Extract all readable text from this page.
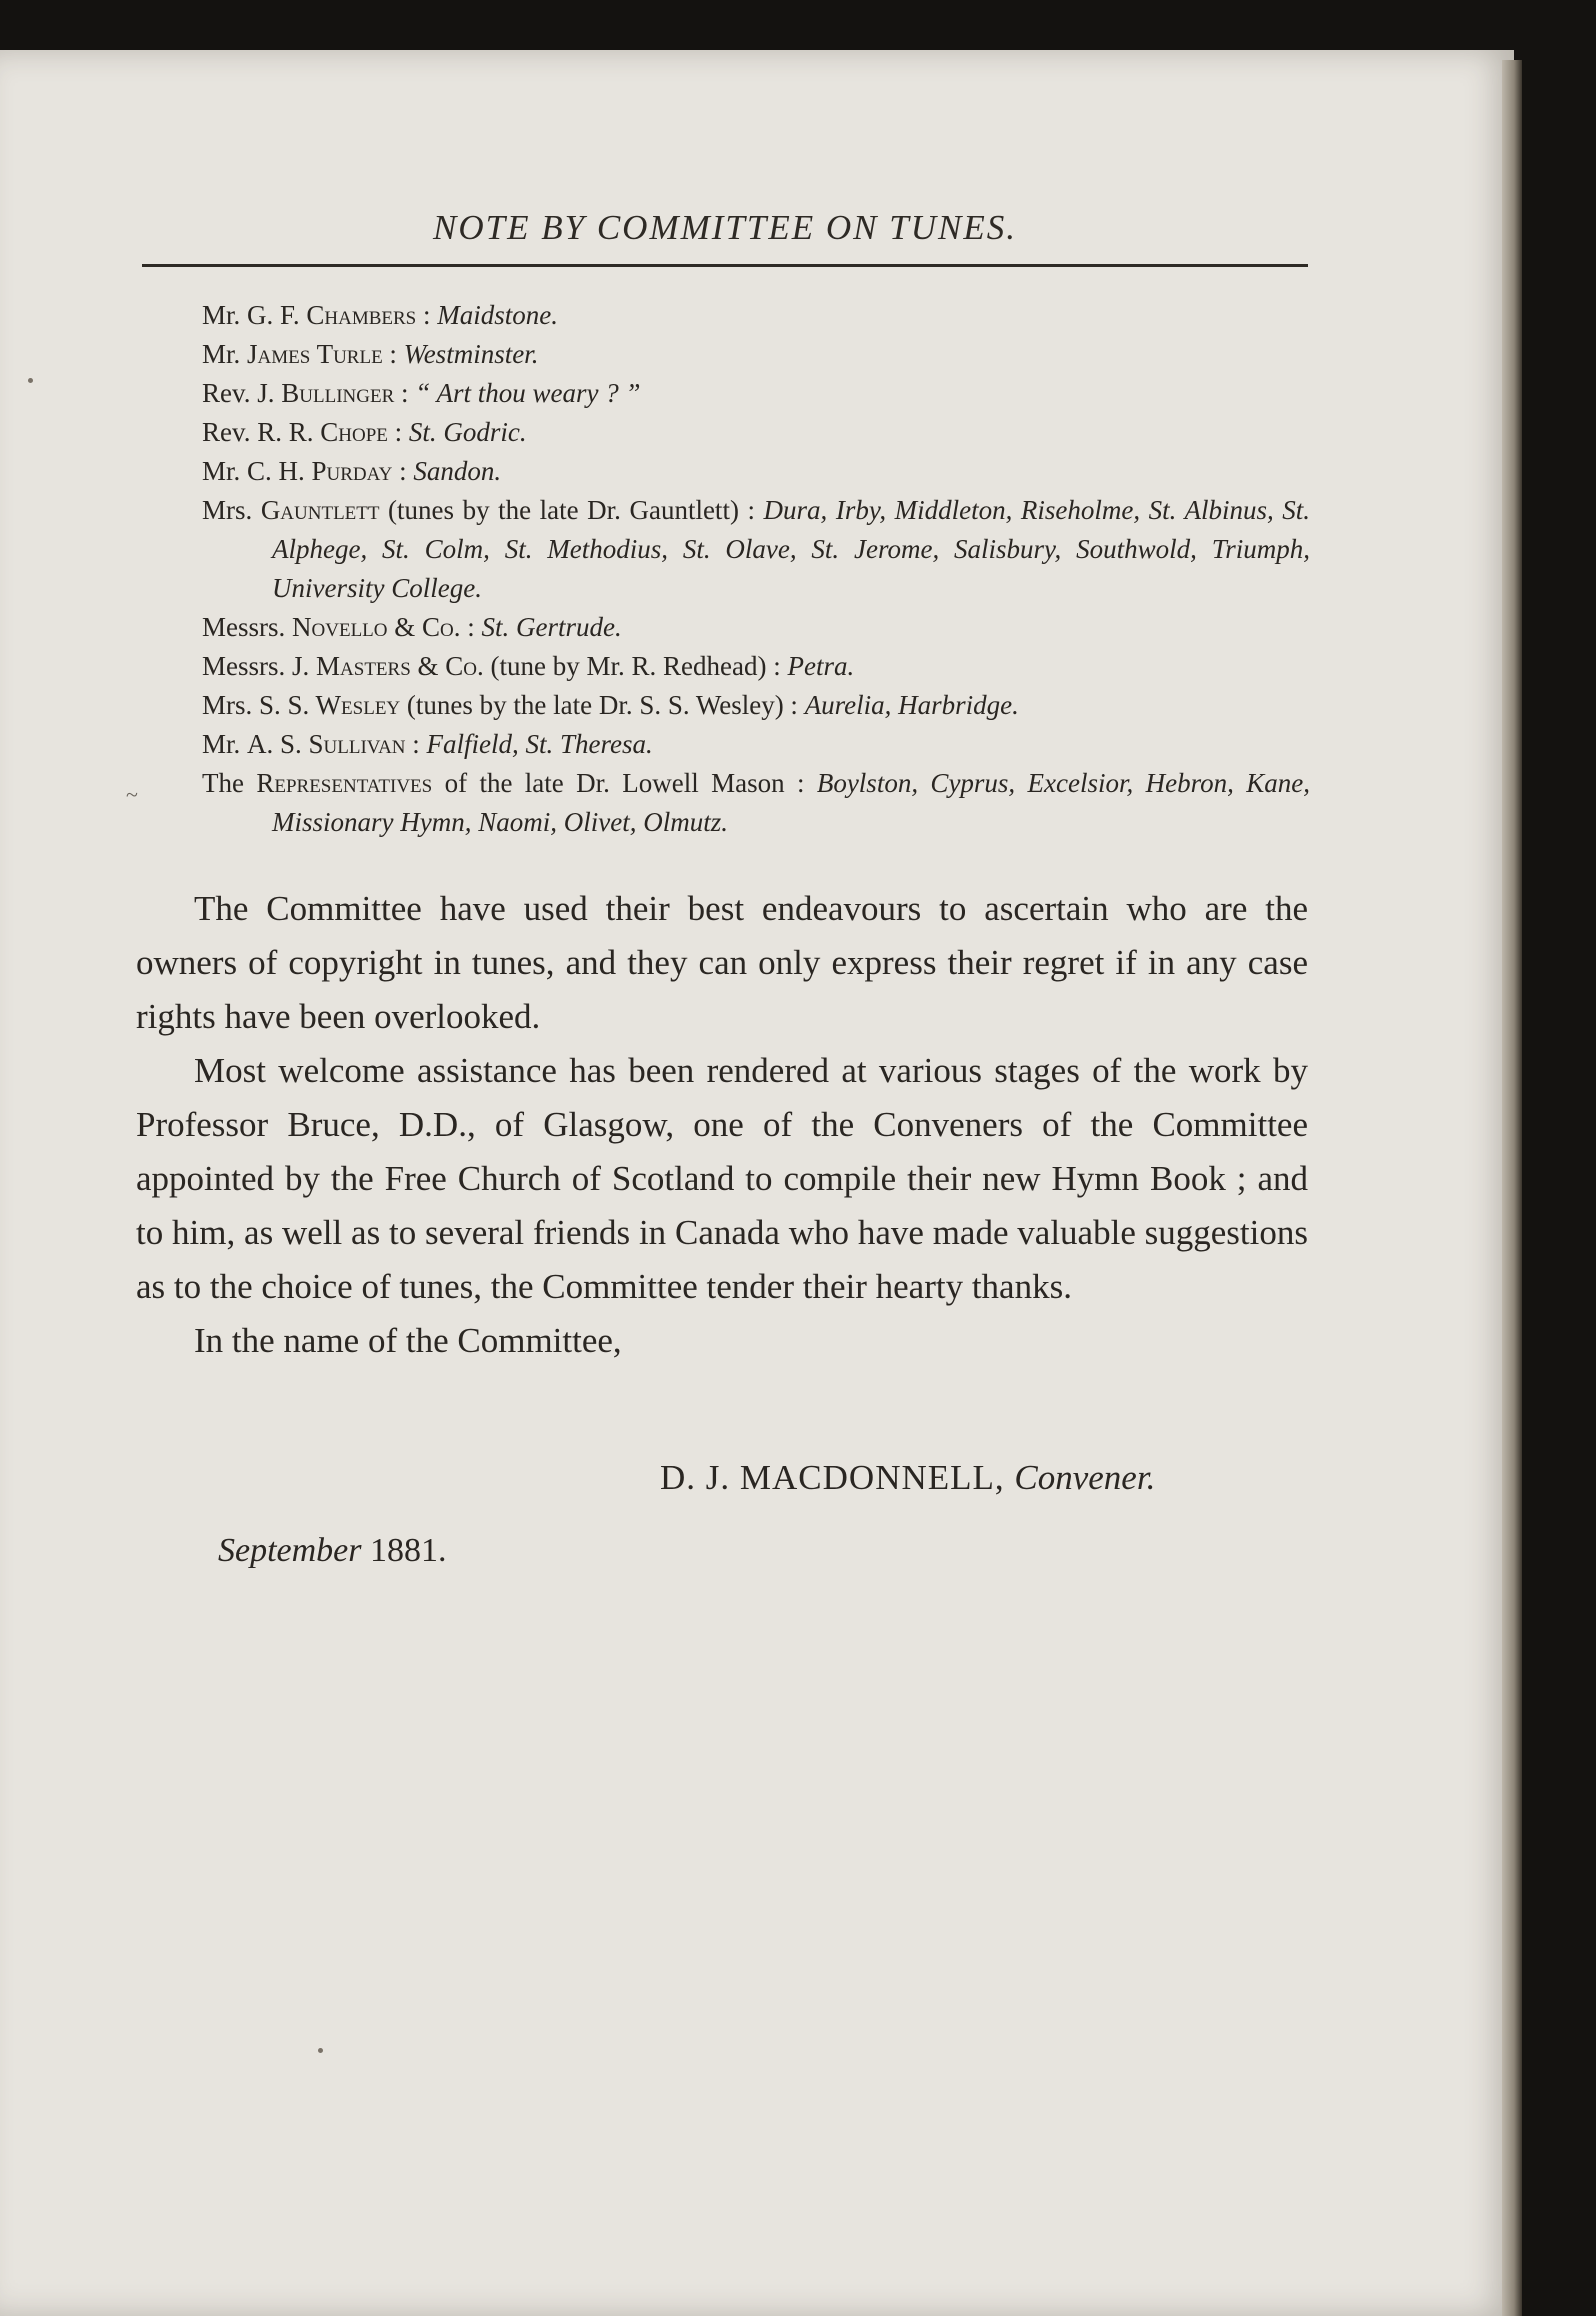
NOTE BY COMMITTEE ON TUNES.
~
Mr. G. F. Chambers : Maidstone.
Mr. James Turle : Westminster.
Rev. J. Bullinger : “ Art thou weary ? ”
Rev. R. R. Chope : St. Godric.
Mr. C. H. Purday : Sandon.
Mrs. Gauntlett (tunes by the late Dr. Gauntlett) : Dura, Irby, Middleton, Riseholme, St. Albinus, St. Alphege, St. Colm, St. Methodius, St. Olave, St. Jerome, Salisbury, Southwold, Triumph, University College.
Messrs. Novello & Co. : St. Gertrude.
Messrs. J. Masters & Co. (tune by Mr. R. Redhead) : Petra.
Mrs. S. S. Wesley (tunes by the late Dr. S. S. Wesley) : Aurelia, Harbridge.
Mr. A. S. Sullivan : Falfield, St. Theresa.
The Representatives of the late Dr. Lowell Mason : Boylston, Cyprus, Excelsior, Hebron, Kane, Missionary Hymn, Naomi, Olivet, Olmutz.

The Committee have used their best endeavours to ascertain who are the owners of copyright in tunes, and they can only express their regret if in any case rights have been overlooked.

Most welcome assistance has been rendered at various stages of the work by Professor Bruce, D.D., of Glasgow, one of the Conveners of the Committee appointed by the Free Church of Scotland to compile their new Hymn Book ; and to him, as well as to several friends in Canada who have made valuable suggestions as to the choice of tunes, the Committee tender their hearty thanks.

In the name of the Committee,

D. J. MACDONNELL, Convener.
September 1881.
